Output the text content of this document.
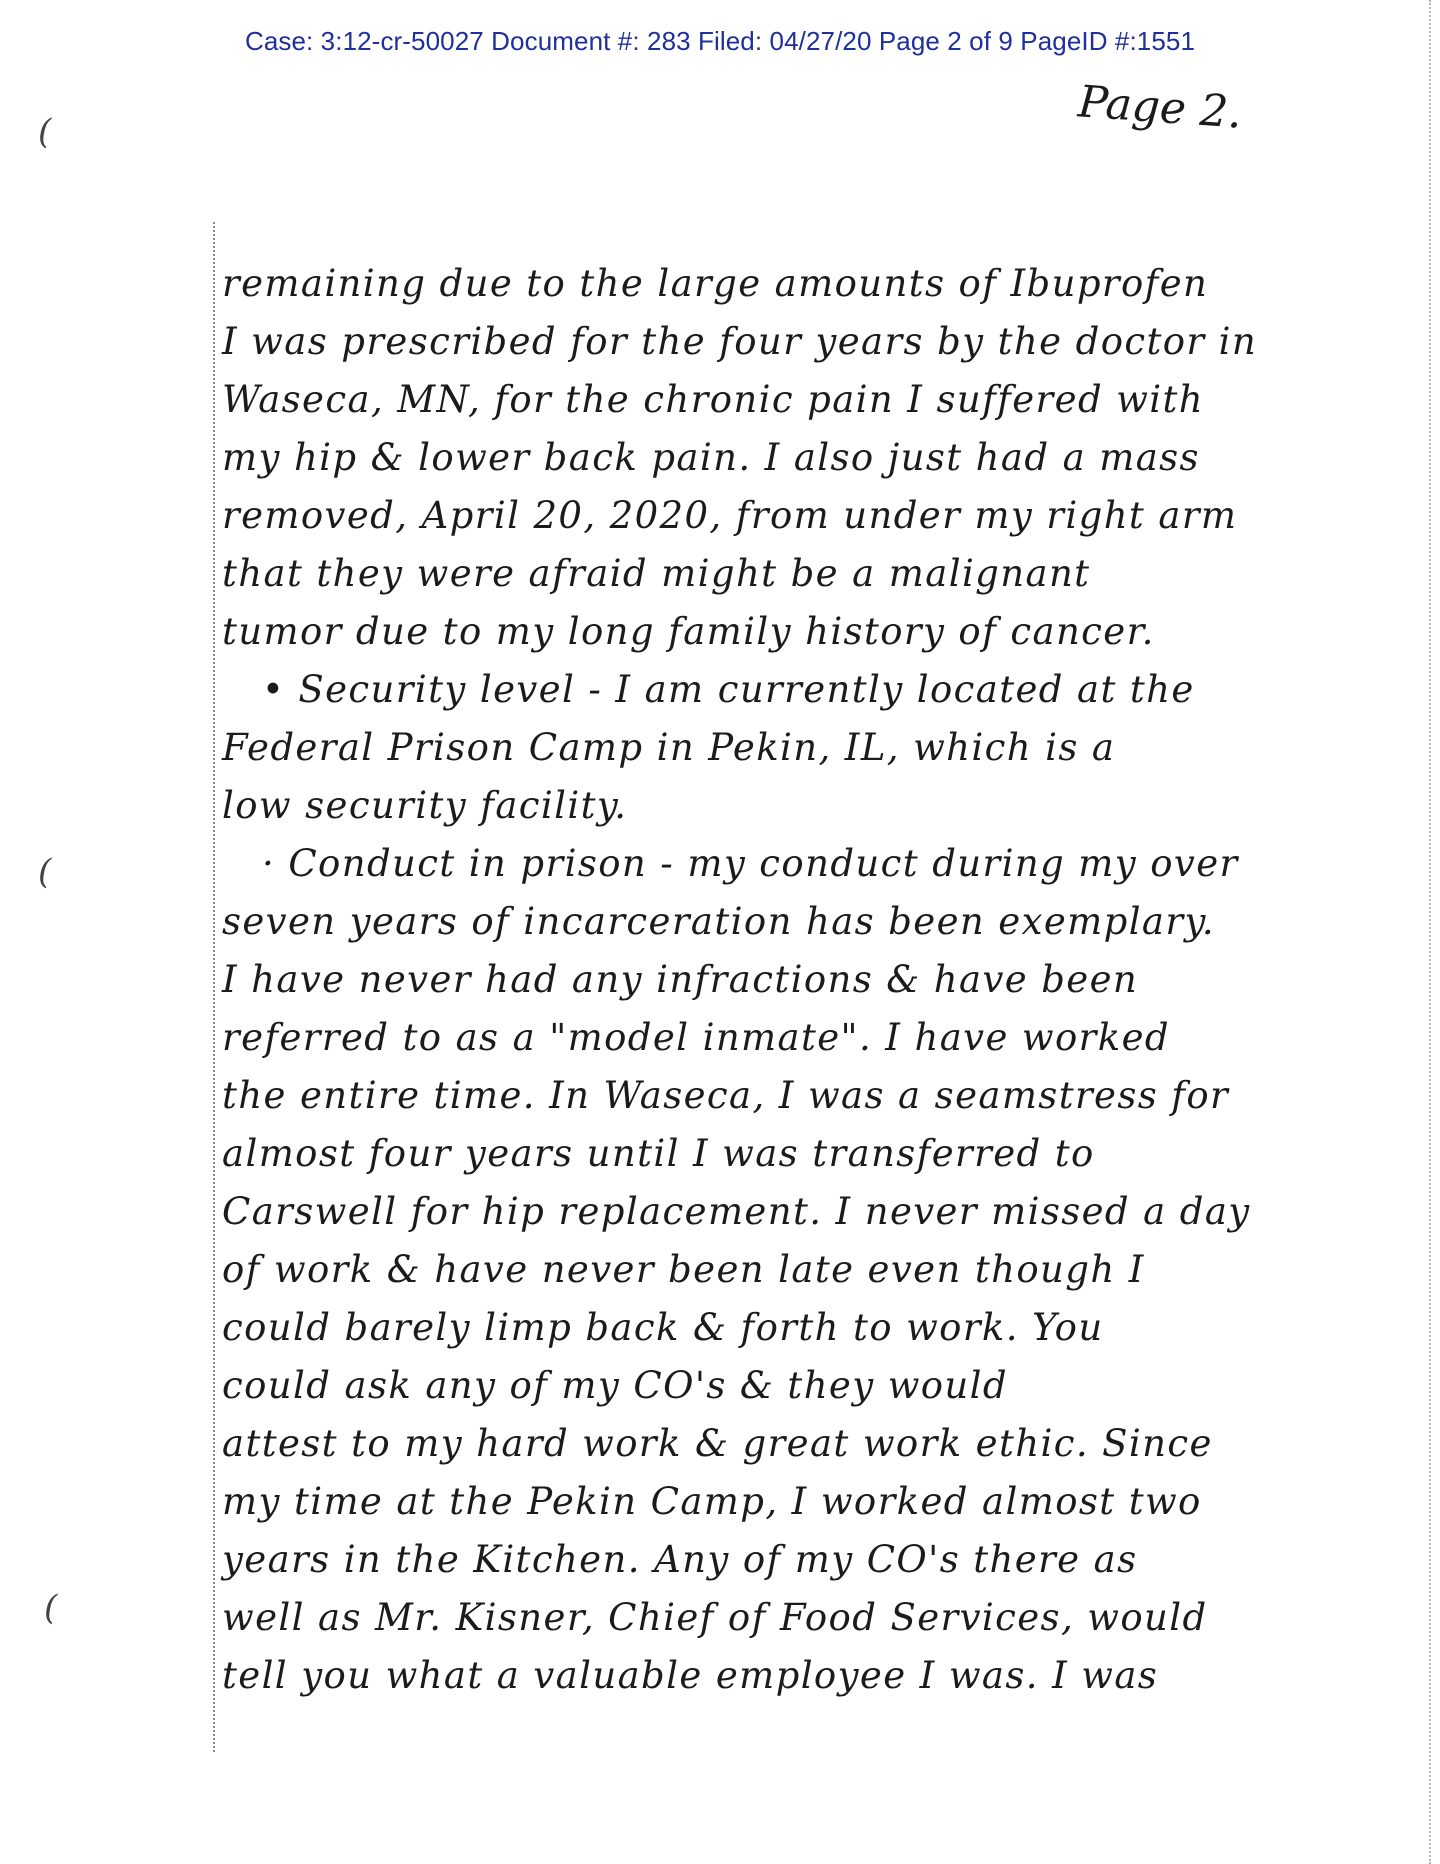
Case: 3:12-cr-50027 Document #: 283 Filed: 04/27/20 Page 2 of 9 PageID #:1551
Page 2.
(
(
(
remaining due to the large amounts of Ibuprofen
I was prescribed for the four years by the doctor in
Waseca, MN, for the chronic pain I suffered with
my hip & lower back pain. I also just had a mass
removed, April 20, 2020, from under my right arm
that they were afraid might be a malignant
tumor due to my long family history of cancer.
• Security level - I am currently located at the
Federal Prison Camp in Pekin, IL, which is a
low security facility.
· Conduct in prison - my conduct during my over
seven years of incarceration has been exemplary.
I have never had any infractions & have been
referred to as a "model inmate". I have worked
the entire time. In Waseca, I was a seamstress for
almost four years until I was transferred to
Carswell for hip replacement. I never missed a day
of work & have never been late even though I
could barely limp back & forth to work. You
could ask any of my CO's & they would
attest to my hard work & great work ethic. Since
my time at the Pekin Camp, I worked almost two
years in the Kitchen. Any of my CO's there as
well as Mr. Kisner, Chief of Food Services, would
tell you what a valuable employee I was. I was
